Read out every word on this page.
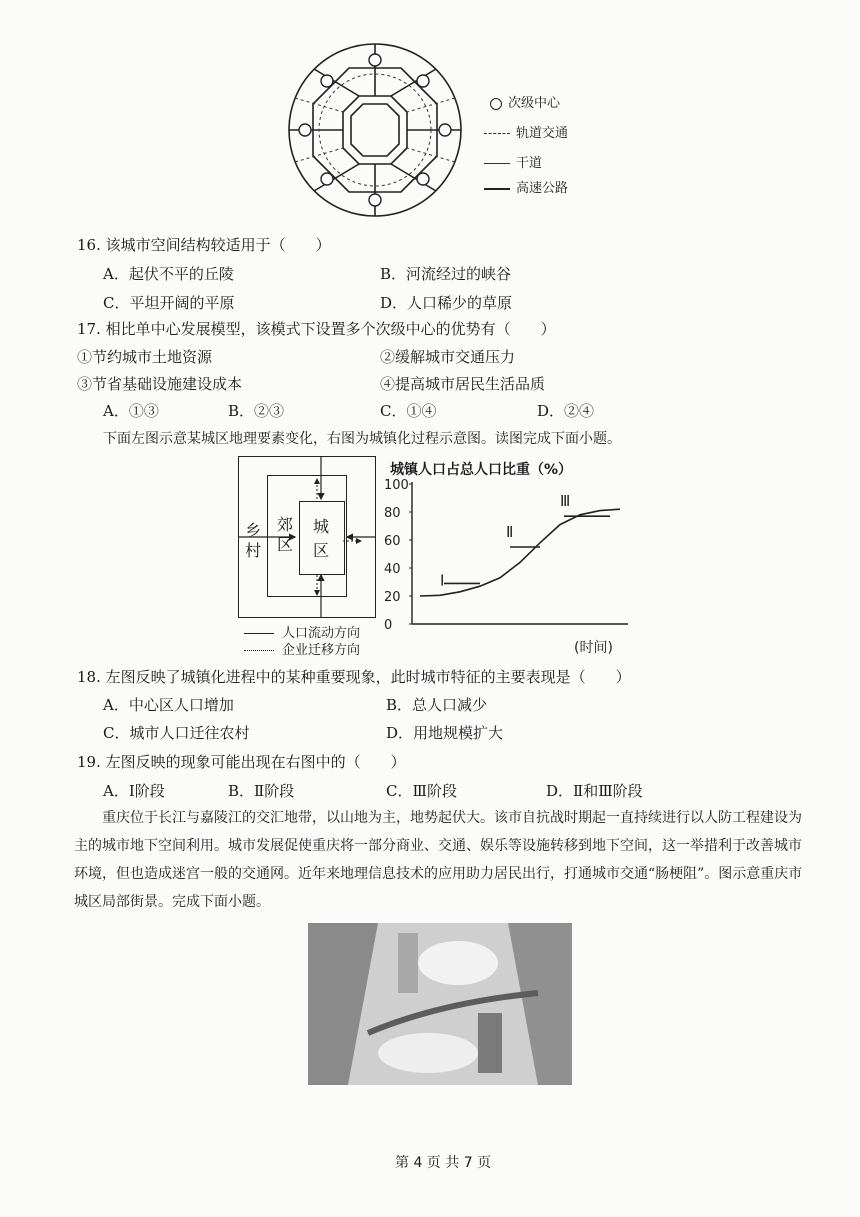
次级中心
轨道交通
干道
高速公路
16. 该城市空间结构较适用于（　　）
A．起伏不平的丘陵	B．河流经过的峡谷
C．平坦开阔的平原	D．人口稀少的草原
17. 相比单中心发展模型，该模式下设置多个次级中心的优势有（　　）
①节约城市土地资源	②缓解城市交通压力
③节省基础设施建设成本	④提高城市居民生活品质
A．①③	B．②③	C．①④	D．②④
下面左图示意某城区地理要素变化，右图为城镇化过程示意图。读图完成下面小题。
乡
村
郊
区
城
区
人口流动方向
企业迁移方向
城镇人口占总人口比重（%）
0
20
40
60
80
100
Ⅰ
Ⅱ
Ⅲ
(时间)
18. 左图反映了城镇化进程中的某种重要现象，此时城市特征的主要表现是（　　）
A．中心区人口增加	B．总人口减少
C．城市人口迁往农村	D．用地规模扩大
19. 左图反映的现象可能出现在右图中的（　　）
A．Ⅰ阶段	B．Ⅱ阶段	C．Ⅲ阶段	D．Ⅱ和Ⅲ阶段
重庆位于长江与嘉陵江的交汇地带，以山地为主，地势起伏大。该市自抗战时期起一直持续进行以人防工程建设为主的城市地下空间利用。城市发展促使重庆将一部分商业、交通、娱乐等设施转移到地下空间，这一举措利于改善城市环境，但也造成迷宫一般的交通网。近年来地理信息技术的应用助力居民出行，打通城市交通“肠梗阻”。图示意重庆市城区局部街景。完成下面小题。
第 4 页 共 7 页
